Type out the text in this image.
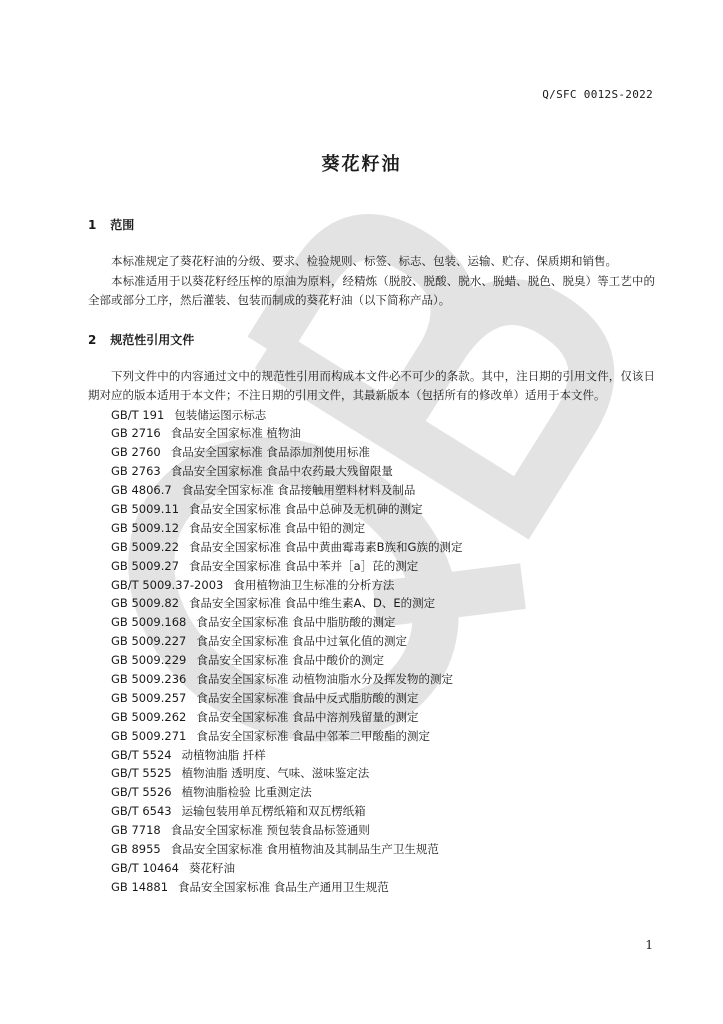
Q/SFC 0012S-2022
葵花籽油
1 范围

本标准规定了葵花籽油的分级、要求、检验规则、标签、标志、包装、运输、贮存、保质期和销售。

本标准适用于以葵花籽经压榨的原油为原料，经精炼（脱胶、脱酸、脱水、脱蜡、脱色、脱臭）等工艺中的全部或部分工序，然后灌装、包装而制成的葵花籽油（以下简称产品）。

2 规范性引用文件

下列文件中的内容通过文中的规范性引用而构成本文件必不可少的条款。其中，注日期的引用文件，仅该日期对应的版本适用于本文件；不注日期的引用文件，其最新版本（包括所有的修改单）适用于本文件。

GB/T 191 包装储运图示标志
GB 2716 食品安全国家标准 植物油
GB 2760 食品安全国家标准 食品添加剂使用标准
GB 2763 食品安全国家标准 食品中农药最大残留限量
GB 4806.7 食品安全国家标准 食品接触用塑料材料及制品
GB 5009.11 食品安全国家标准 食品中总砷及无机砷的测定
GB 5009.12 食品安全国家标准 食品中铅的测定
GB 5009.22 食品安全国家标准 食品中黄曲霉毒素B族和G族的测定
GB 5009.27 食品安全国家标准 食品中苯并［a］芘的测定
GB/T 5009.37-2003 食用植物油卫生标准的分析方法
GB 5009.82 食品安全国家标准 食品中维生素A、D、E的测定
GB 5009.168 食品安全国家标准 食品中脂肪酸的测定
GB 5009.227 食品安全国家标准 食品中过氧化值的测定
GB 5009.229 食品安全国家标准 食品中酸价的测定
GB 5009.236 食品安全国家标准 动植物油脂水分及挥发物的测定
GB 5009.257 食品安全国家标准 食品中反式脂肪酸的测定
GB 5009.262 食品安全国家标准 食品中溶剂残留量的测定
GB 5009.271 食品安全国家标准 食品中邻苯二甲酸酯的测定
GB/T 5524 动植物油脂 扦样
GB/T 5525 植物油脂 透明度、气味、滋味鉴定法
GB/T 5526 植物油脂检验 比重测定法
GB/T 6543 运输包装用单瓦楞纸箱和双瓦楞纸箱
GB 7718 食品安全国家标准 预包装食品标签通则
GB 8955 食品安全国家标准 食用植物油及其制品生产卫生规范
GB/T 10464 葵花籽油
GB 14881 食品安全国家标准 食品生产通用卫生规范
1
